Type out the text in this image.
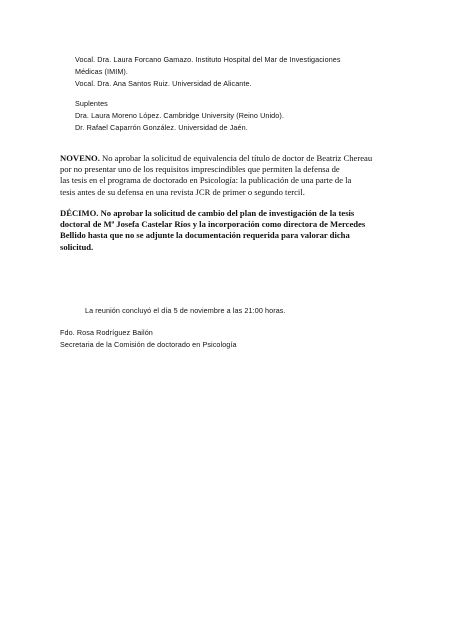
Vocal. Dra. Laura Forcano Gamazo. Instituto Hospital del Mar de Investigaciones
Médicas (IMIM).
Vocal. Dra. Ana Santos Ruiz. Universidad de Alicante.
Suplentes
Dra. Laura Moreno López. Cambridge University (Reino Unido).
Dr. Rafael Caparrón González. Universidad de Jaén.

NOVENO. No aprobar la solicitud de equivalencia del título de doctor de Beatriz Chereau

por no presentar uno de los requisitos imprescindibles que permiten la defensa de

las tesis en el programa de doctorado en Psicología: la publicación de una parte de la

tesis antes de su defensa en una revista JCR de primer o segundo tercil.

DÉCIMO. No aprobar la solicitud de cambio del plan de investigación de la tesis

doctoral de Mª Josefa Castelar Ríos y la incorporación como directora de Mercedes

Bellido hasta que no se adjunte la documentación requerida para valorar dicha

solicitud.

La reunión concluyó el día 5 de noviembre a las 21:00 horas.
Fdo. Rosa Rodríguez Bailón
Secretaria de la Comisión de doctorado en Psicología
